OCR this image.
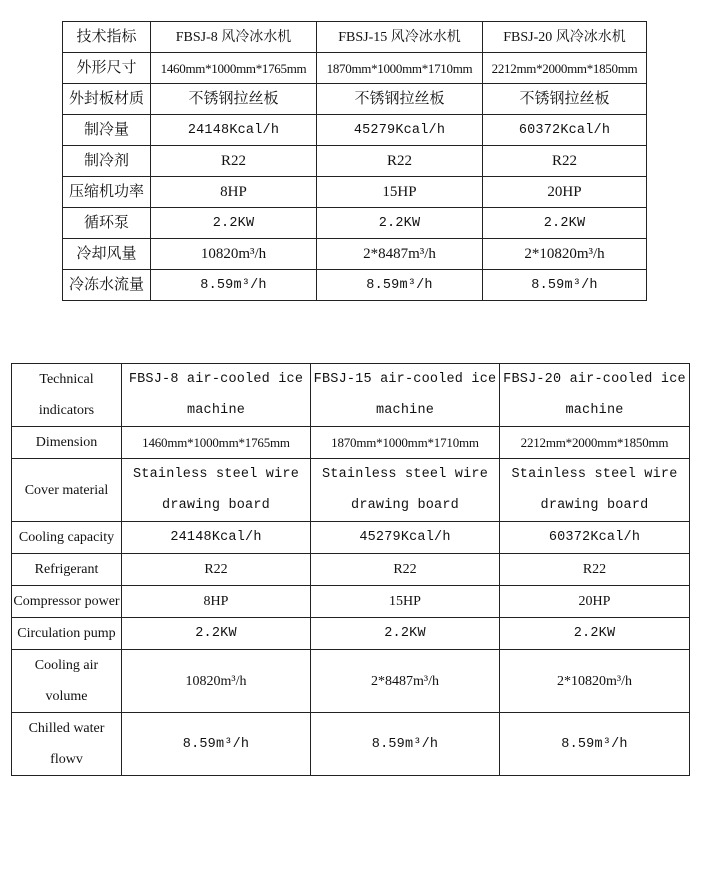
技术指标	FBSJ-8 风冷冰水机	FBSJ-15 风冷冰水机	FBSJ-20 风冷冰水机
外形尺寸	1460mm*1000mm*1765mm	1870mm*1000mm*1710mm	2212mm*2000mm*1850mm
外封板材质	不锈钢拉丝板	不锈钢拉丝板	不锈钢拉丝板
制冷量	24148Kcal/h	45279Kcal/h	60372Kcal/h
制冷剂	R22	R22	R22
压缩机功率	8HP	15HP	20HP
循环泵	2.2KW	2.2KW	2.2KW
冷却风量	10820m³/h	2*8487m³/h	2*10820m³/h
冷冻水流量	8.59m³/h	8.59m³/h	8.59m³/h
Technical indicators	FBSJ-8 air-cooled ice machine	FBSJ-15 air-cooled ice machine	FBSJ-20 air-cooled ice machine
Dimension	1460mm*1000mm*1765mm	1870mm*1000mm*1710mm	2212mm*2000mm*1850mm
Cover material	Stainless steel wire drawing board	Stainless steel wire drawing board	Stainless steel wire drawing board
Cooling capacity	24148Kcal/h	45279Kcal/h	60372Kcal/h
Refrigerant	R22	R22	R22
Compressor power	8HP	15HP	20HP
Circulation pump	2.2KW	2.2KW	2.2KW
Cooling air volume	10820m³/h	2*8487m³/h	2*10820m³/h
Chilled water flowv	8.59m³/h	8.59m³/h	8.59m³/h
